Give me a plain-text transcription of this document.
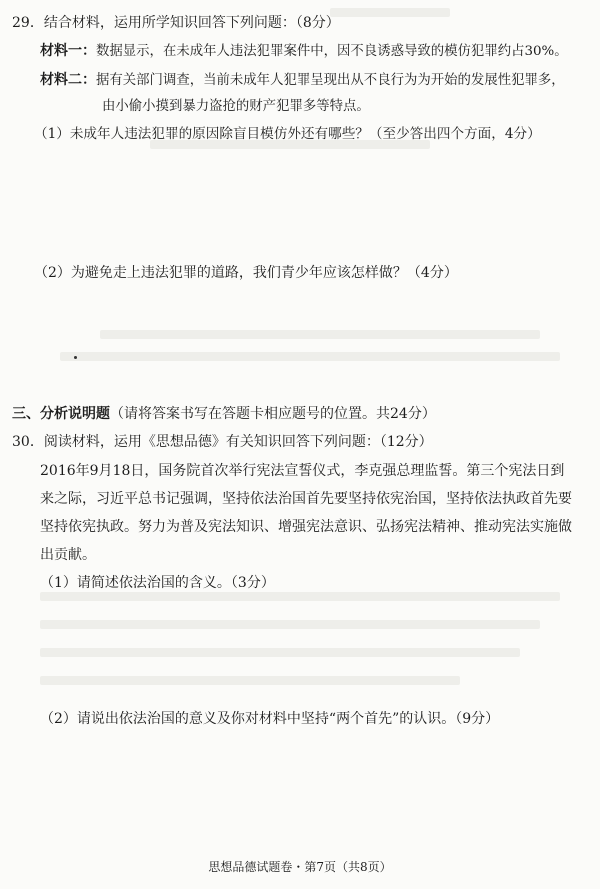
29．结合材料，运用所学知识回答下列问题：（8分）
材料一：数据显示，在未成年人违法犯罪案件中，因不良诱惑导致的模仿犯罪约占30%。
材料二：据有关部门调查，当前未成年人犯罪呈现出从不良行为为开始的发展性犯罪多，
由小偷小摸到暴力盗抢的财产犯罪多等特点。
（1）未成年人违法犯罪的原因除盲目模仿外还有哪些？（至少答出四个方面，4分）
（2）为避免走上违法犯罪的道路，我们青少年应该怎样做？（4分）
三、分析说明题（请将答案书写在答题卡相应题号的位置。共24分）
30．阅读材料，运用《思想品德》有关知识回答下列问题：（12分）
2016年9月18日，国务院首次举行宪法宣誓仪式，李克强总理监誓。第三个宪法日到
来之际，习近平总书记强调，坚持依法治国首先要坚持依宪治国，坚持依法执政首先要
坚持依宪执政。努力为普及宪法知识、增强宪法意识、弘扬宪法精神、推动宪法实施做
出贡献。
（1）请简述依法治国的含义。（3分）
（2）请说出依法治国的意义及你对材料中坚持“两个首先”的认识。（9分）
思想品德试题卷・第7页（共8页）
